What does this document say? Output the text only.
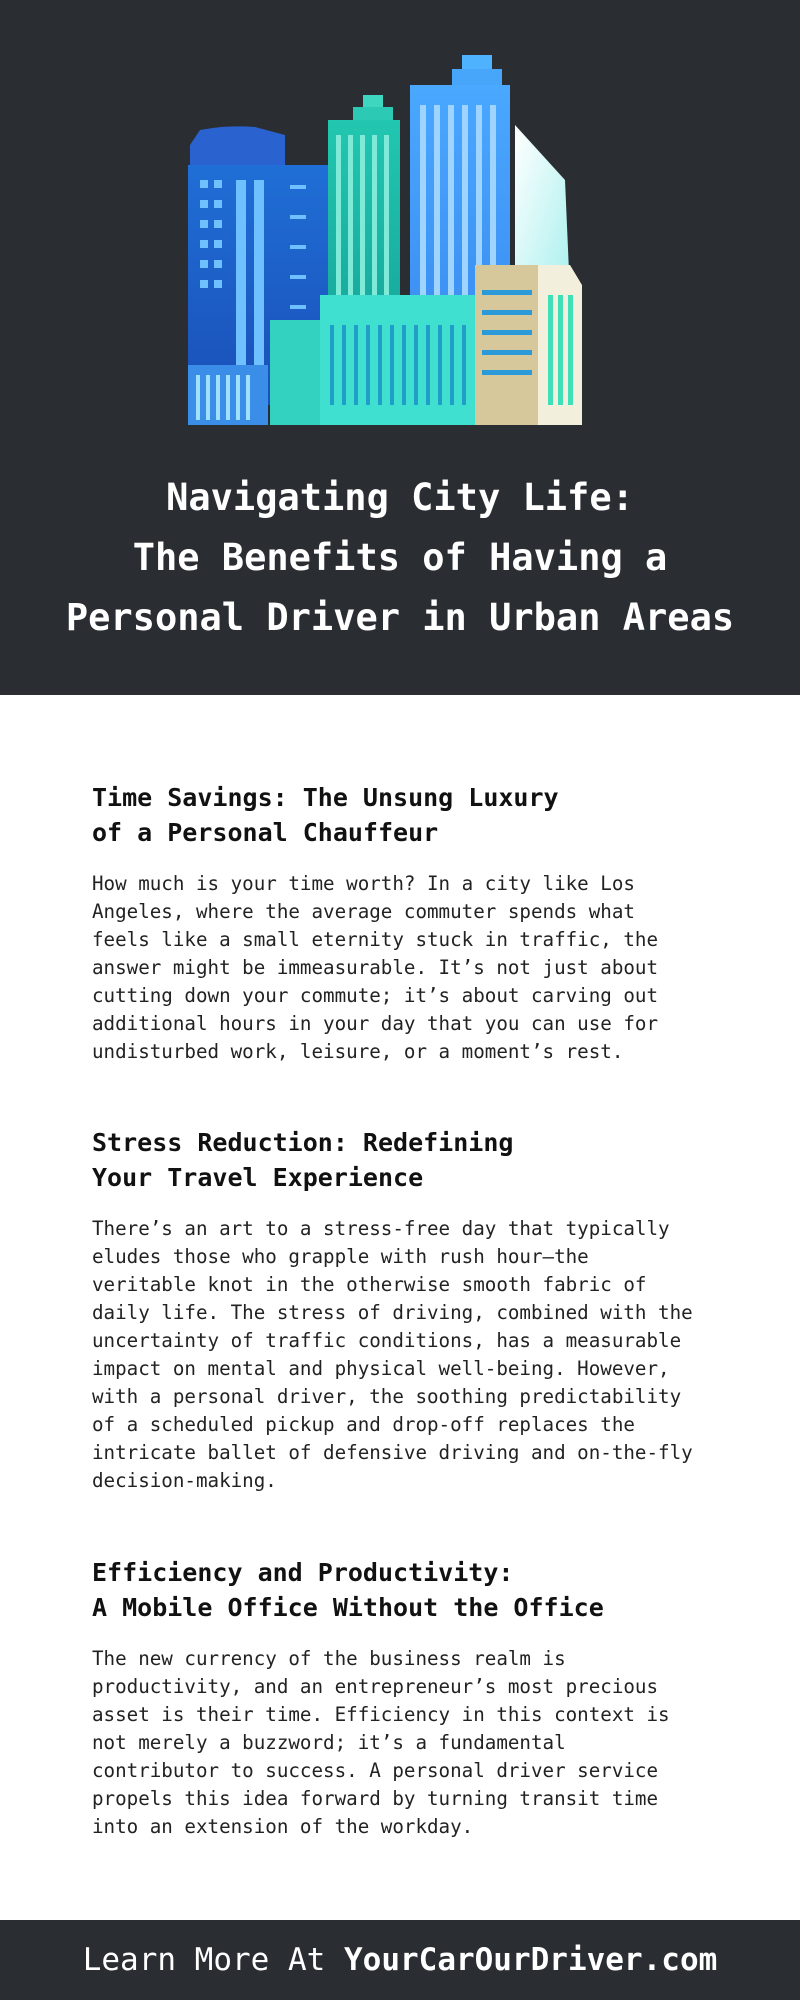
Navigating City Life:
The Benefits of Having a
Personal Driver in Urban Areas
Time Savings: The Unsung Luxury
of a Personal Chauffeur

How much is your time worth? In a city like Los
Angeles, where the average commuter spends what
feels like a small eternity stuck in traffic, the
answer might be immeasurable. It’s not just about
cutting down your commute; it’s about carving out
additional hours in your day that you can use for
undisturbed work, leisure, or a moment’s rest.

Stress Reduction: Redefining
Your Travel Experience

There’s an art to a stress-free day that typically
eludes those who grapple with rush hour—the
veritable knot in the otherwise smooth fabric of
daily life. The stress of driving, combined with the
uncertainty of traffic conditions, has a measurable
impact on mental and physical well-being. However,
with a personal driver, the soothing predictability
of a scheduled pickup and drop-off replaces the
intricate ballet of defensive driving and on-the-fly
decision-making.

Efficiency and Productivity:
A Mobile Office Without the Office

The new currency of the business realm is
productivity, and an entrepreneur’s most precious
asset is their time. Efficiency in this context is
not merely a buzzword; it’s a fundamental
contributor to success. A personal driver service
propels this idea forward by turning transit time
into an extension of the workday.

Learn More At YourCarOurDriver.com
